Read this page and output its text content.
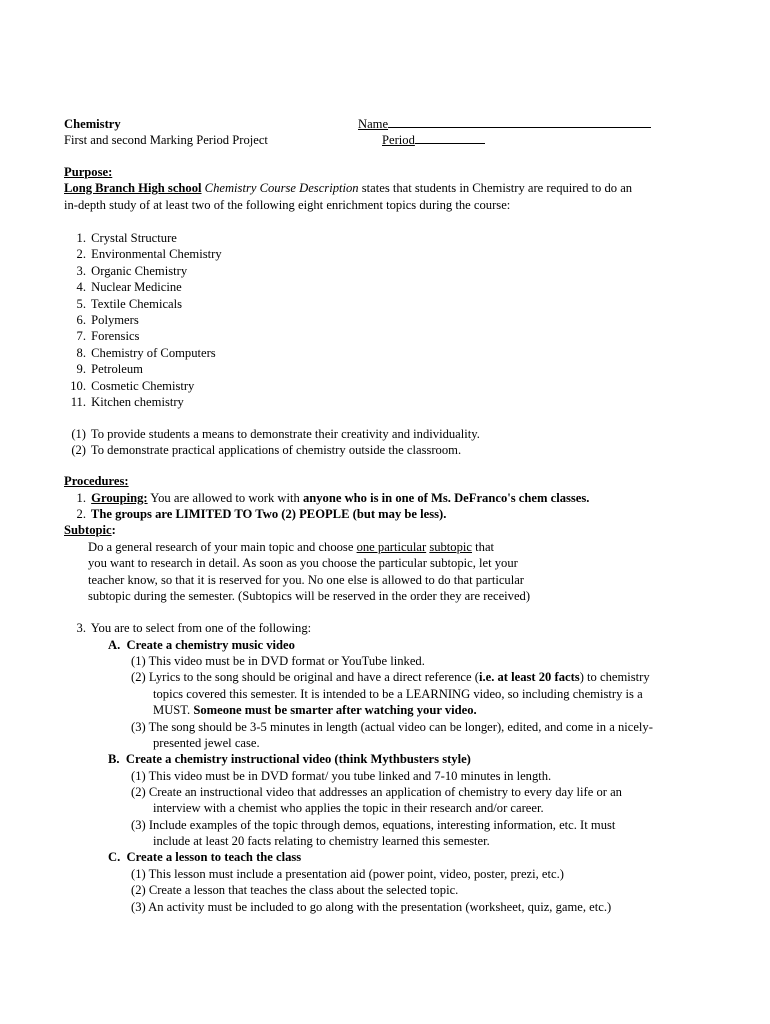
Chemistry
First and second Marking Period Project
Name
Period
Purpose:
Long Branch High school Chemistry Course Description states that students in Chemistry are required to do an
in-depth study of at least two of the following eight enrichment topics during the course:
1. Crystal Structure
2. Environmental Chemistry
3. Organic Chemistry
4. Nuclear Medicine
5. Textile Chemicals
6. Polymers
7. Forensics
8. Chemistry of Computers
9. Petroleum
10. Cosmetic Chemistry
11. Kitchen chemistry
(1) To provide students a means to demonstrate their creativity and individuality.
(2) To demonstrate practical applications of chemistry outside the classroom.
Procedures:
1. Grouping: You are allowed to work with anyone who is in one of Ms. DeFranco's chem classes.
2. The groups are LIMITED TO Two (2) PEOPLE (but may be less).
Subtopic:
Do a general research of your main topic and choose one particular subtopic that
you want to research in detail. As soon as you choose the particular subtopic, let your
teacher know, so that it is reserved for you. No one else is allowed to do that particular
subtopic during the semester. (Subtopics will be reserved in the order they are received)
3. You are to select from one of the following:
A. Create a chemistry music video
(1) This video must be in DVD format or YouTube linked.
(2) Lyrics to the song should be original and have a direct reference (i.e. at least 20 facts) to chemistry
topics covered this semester. It is intended to be a LEARNING video, so including chemistry is a
MUST. Someone must be smarter after watching your video.
(3) The song should be 3-5 minutes in length (actual video can be longer), edited, and come in a nicely-
presented jewel case.
B. Create a chemistry instructional video (think Mythbusters style)
(1) This video must be in DVD format/ you tube linked and 7-10 minutes in length.
(2) Create an instructional video that addresses an application of chemistry to every day life or an
interview with a chemist who applies the topic in their research and/or career.
(3) Include examples of the topic through demos, equations, interesting information, etc. It must
include at least 20 facts relating to chemistry learned this semester.
C. Create a lesson to teach the class
(1) This lesson must include a presentation aid (power point, video, poster, prezi, etc.)
(2) Create a lesson that teaches the class about the selected topic.
(3) An activity must be included to go along with the presentation (worksheet, quiz, game, etc.)
